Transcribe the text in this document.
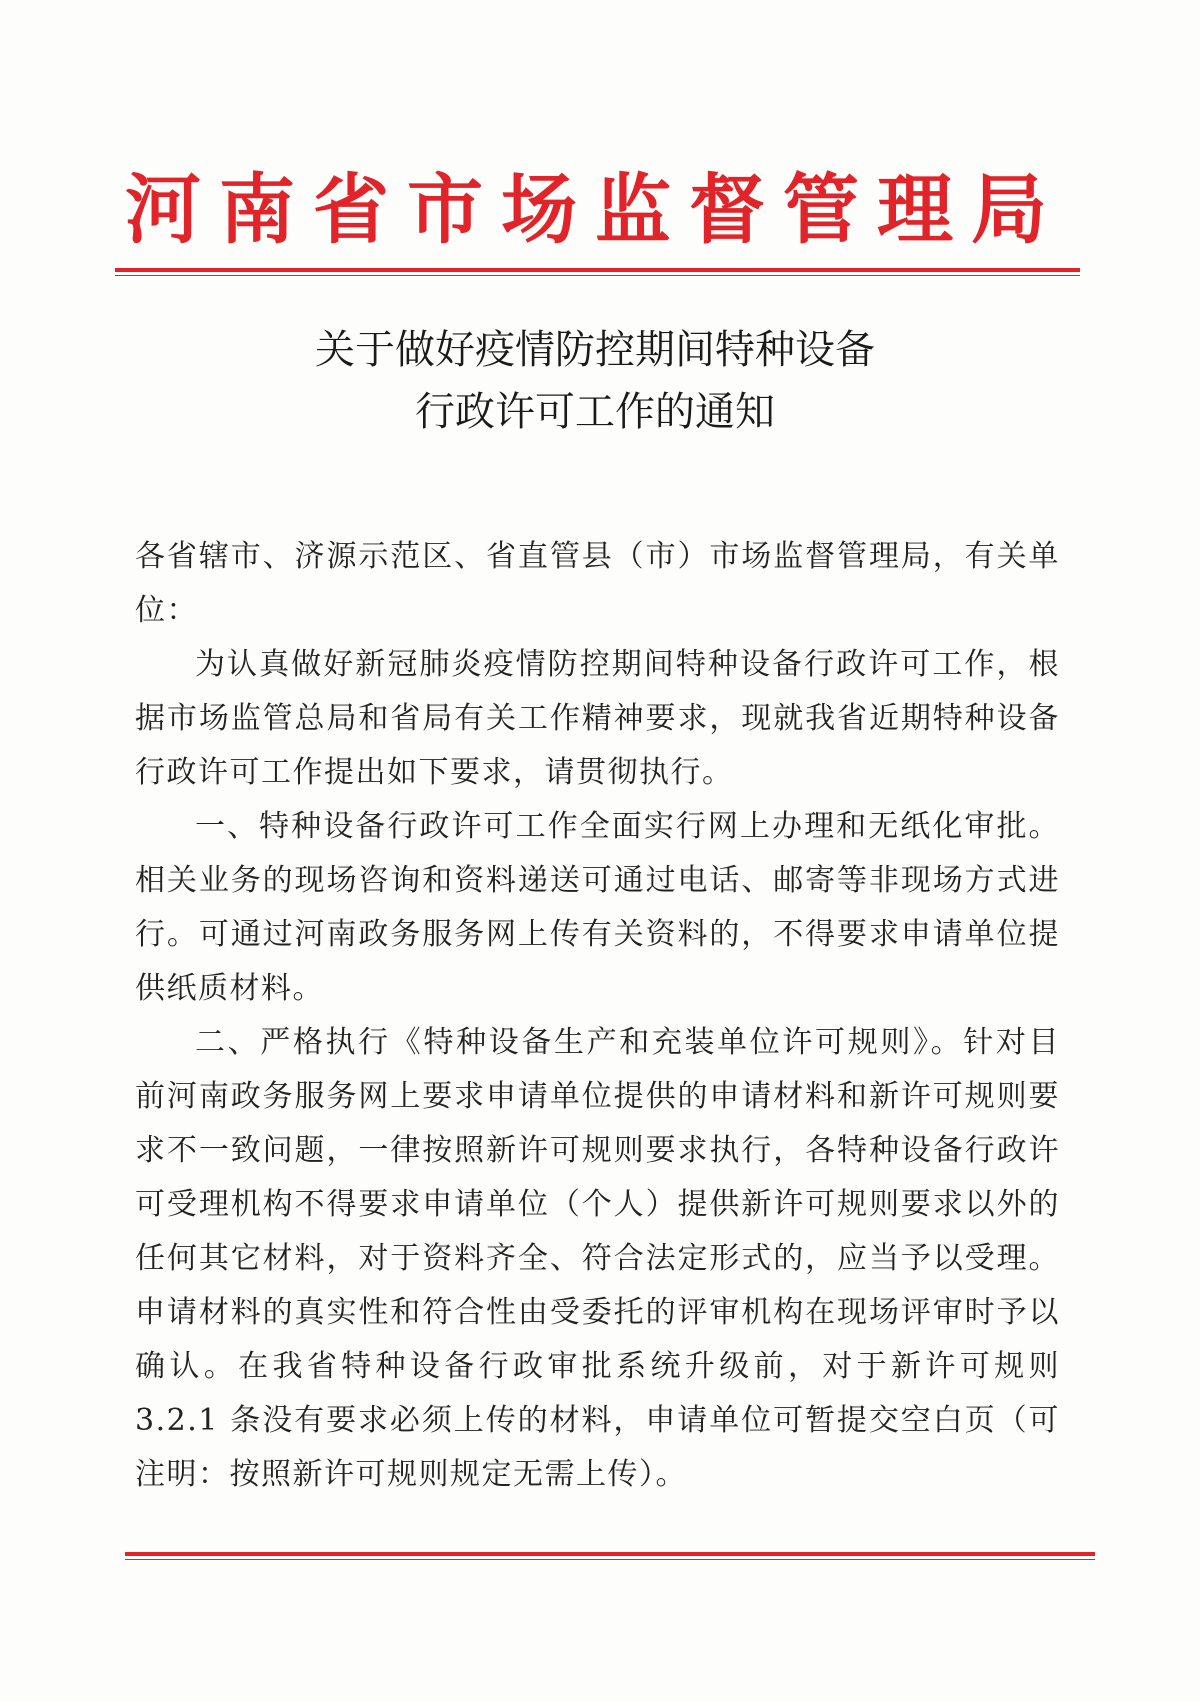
河南省市场监督管理局
关于做好疫情防控期间特种设备
行政许可工作的通知

各省辖市、济源示范区、省直管县（市）市场监督管理局，有关单位：

为认真做好新冠肺炎疫情防控期间特种设备行政许可工作，根据市场监管总局和省局有关工作精神要求，现就我省近期特种设备行政许可工作提出如下要求，请贯彻执行。

一、特种设备行政许可工作全面实行网上办理和无纸化审批。相关业务的现场咨询和资料递送可通过电话、邮寄等非现场方式进行。可通过河南政务服务网上传有关资料的，不得要求申请单位提供纸质材料。

二、严格执行《特种设备生产和充装单位许可规则》。针对目前河南政务服务网上要求申请单位提供的申请材料和新许可规则要求不一致问题，一律按照新许可规则要求执行，各特种设备行政许可受理机构不得要求申请单位（个人）提供新许可规则要求以外的任何其它材料，对于资料齐全、符合法定形式的，应当予以受理。申请材料的真实性和符合性由受委托的评审机构在现场评审时予以确认。在我省特种设备行政审批系统升级前，对于新许可规则 3.2.1 条没有要求必须上传的材料，申请单位可暂提交空白页（可注明：按照新许可规则规定无需上传）。
